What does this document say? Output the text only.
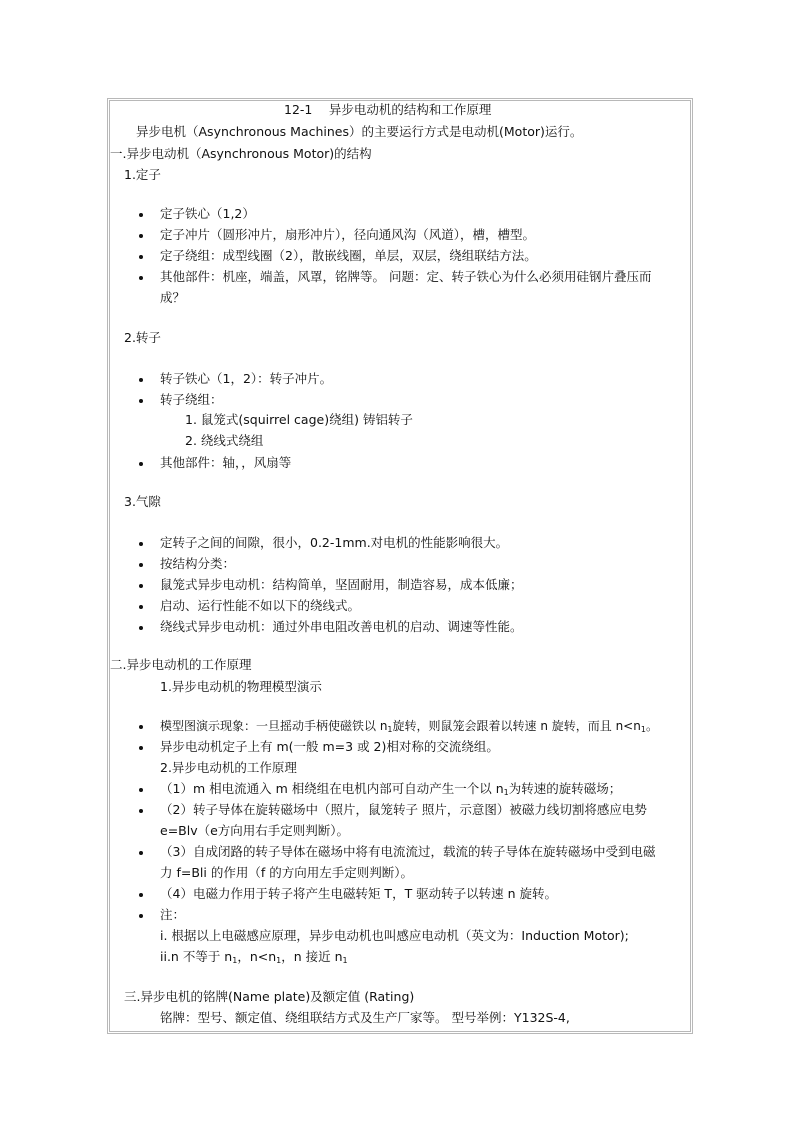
12-1　 异步电动机的结构和工作原理
异步电机（Asynchronous Machines）的主要运行方式是电动机(Motor)运行。
一.异步电动机（Asynchronous Motor)的结构
1.定子
定子铁心（1,2）
定子冲片（圆形冲片，扇形冲片），径向通风沟（风道），槽，槽型。
定子绕组：成型线圈（2），散嵌线圈，单层，双层，绕组联结方法。
其他部件：机座，端盖，风罩，铭牌等。 问题：定、转子铁心为什么必须用硅钢片叠压而
成？
2.转子
转子铁心（1，2）：转子冲片。
转子绕组：
1. 鼠笼式(squirrel cage)绕组) 铸铝转子
2. 绕线式绕组
其他部件：轴，，风扇等
3.气隙
定转子之间的间隙，很小，0.2-1mm.对电机的性能影响很大。
按结构分类：
鼠笼式异步电动机：结构简单，坚固耐用，制造容易，成本低廉；
启动、运行性能不如以下的绕线式。
绕线式异步电动机：通过外串电阻改善电机的启动、调速等性能。
二.异步电动机的工作原理
1.异步电动机的物理模型演示
模型图演示现象：一旦摇动手柄使磁铁以 $n_1$旋转，则鼠笼会跟着以转速 n 旋转，而且 $n<n_1$。
异步电动机定子上有 m(一般 m=3 或 2)相对称的交流绕组。
2.异步电动机的工作原理
（1）m 相电流通入 m 相绕组在电机内部可自动产生一个以 $n_1$为转速的旋转磁场；
（2）转子导体在旋转磁场中（照片，鼠笼转子 照片，示意图）被磁力线切割将感应电势
e=Blv（e方向用右手定则判断）。
（3）自成闭路的转子导体在磁场中将有电流流过，载流的转子导体在旋转磁场中受到电磁
力 f=Bli 的作用（f 的方向用左手定则判断）。
（4）电磁力作用于转子将产生电磁转矩 T，T 驱动转子以转速 n 旋转。
注：
i. 根据以上电磁感应原理，异步电动机也叫感应电动机（英文为：Induction Motor);
ii.n 不等于 $n_1$，$n<n_1$，n 接近 $n_1$
三.异步电机的铭牌(Name plate)及额定值 (Rating)
铭牌：型号、额定值、绕组联结方式及生产厂家等。 型号举例：Y132S-4,
